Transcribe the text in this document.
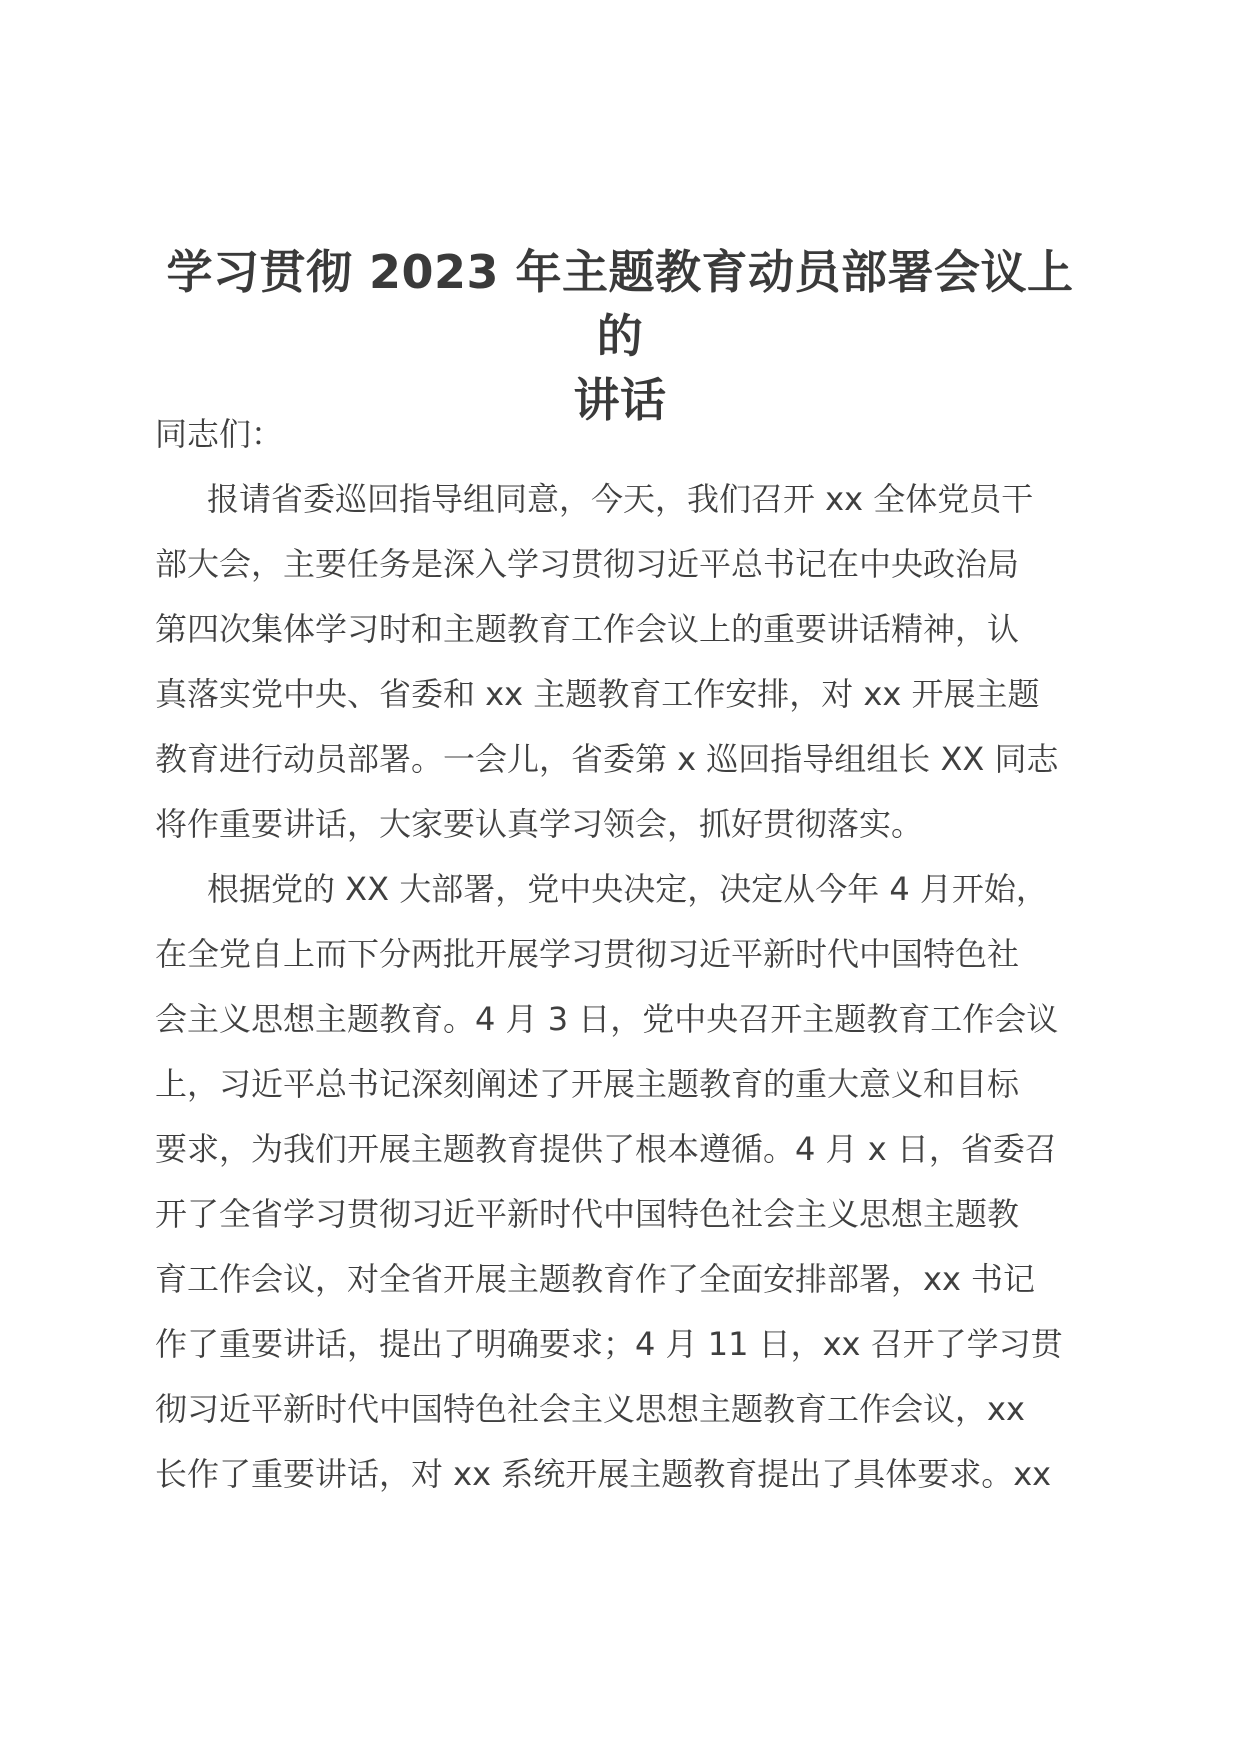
学习贯彻 2023 年主题教育动员部署会议上的
讲话
同志们：
报请省委巡回指导组同意，今天，我们召开 xx 全体党员干
部大会，主要任务是深入学习贯彻习近平总书记在中央政治局
第四次集体学习时和主题教育工作会议上的重要讲话精神，认
真落实党中央、省委和 xx 主题教育工作安排，对 xx 开展主题
教育进行动员部署。一会儿，省委第 x 巡回指导组组长 XX 同志
将作重要讲话，大家要认真学习领会，抓好贯彻落实。
根据党的 XX 大部署，党中央决定，决定从今年 4 月开始，
在全党自上而下分两批开展学习贯彻习近平新时代中国特色社
会主义思想主题教育。4 月 3 日，党中央召开主题教育工作会议
上，习近平总书记深刻阐述了开展主题教育的重大意义和目标
要求，为我们开展主题教育提供了根本遵循。4 月 x 日，省委召
开了全省学习贯彻习近平新时代中国特色社会主义思想主题教
育工作会议，对全省开展主题教育作了全面安排部署，xx 书记
作了重要讲话，提出了明确要求；4 月 11 日，xx 召开了学习贯
彻习近平新时代中国特色社会主义思想主题教育工作会议，xx
长作了重要讲话，对 xx 系统开展主题教育提出了具体要求。xx
